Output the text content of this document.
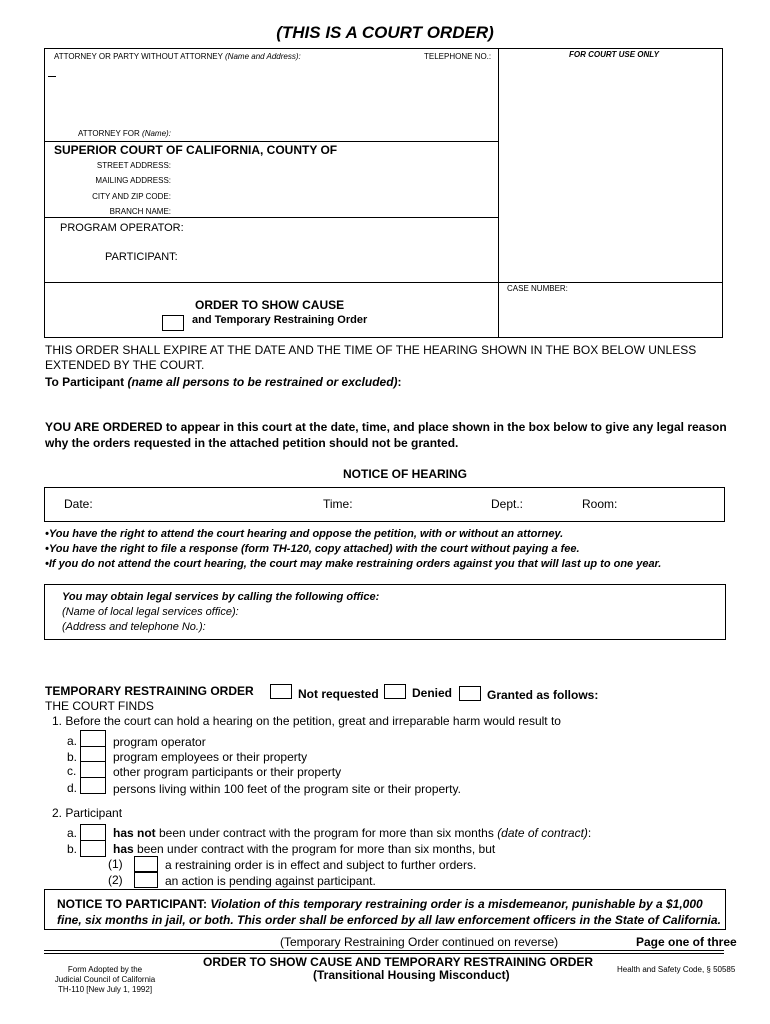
(THIS IS A COURT ORDER)
ATTORNEY OR PARTY WITHOUT ATTORNEY (Name and Address):	TELEPHONE NO.:	FOR COURT USE ONLY
ATTORNEY FOR (Name):
SUPERIOR COURT OF CALIFORNIA, COUNTY OF
STREET ADDRESS:
MAILING ADDRESS:
CITY AND ZIP CODE:
BRANCH NAME:
PROGRAM OPERATOR:
PARTICIPANT:
CASE NUMBER:
ORDER TO SHOW CAUSE
and Temporary Restraining Order
THIS ORDER SHALL EXPIRE AT THE DATE AND THE TIME OF THE HEARING SHOWN IN THE BOX BELOW UNLESS EXTENDED BY THE COURT.
To Participant (name all persons to be restrained or excluded):
YOU ARE ORDERED to appear in this court at the date, time, and place shown in the box below to give any legal reason why the orders requested in the attached petition should not be granted.
NOTICE OF HEARING
Date:	Time:	Dept.:	Room:
•You have the right to attend the court hearing and oppose the petition, with or without an attorney.
•You have the right to file a response (form TH-120, copy attached) with the court without paying a fee.
•If you do not attend the court hearing, the court may make restraining orders against you that will last up to one year.
You may obtain legal services by calling the following office:
(Name of local legal services office):
(Address and telephone No.):
TEMPORARY RESTRAINING ORDER	Not requested	Denied	Granted as follows:
THE COURT FINDS
1. Before the court can hold a hearing on the petition, great and irreparable harm would result to
a.	program operator
b.	program employees or their property
c.	other program participants or their property
d.	persons living within 100 feet of the program site or their property.
2. Participant
a.	has not been under contract with the program for more than six months (date of contract):
b.	has been under contract with the program for more than six months, but
(1)	a restraining order is in effect and subject to further orders.
(2)	an action is pending against participant.
NOTICE TO PARTICIPANT: Violation of this temporary restraining order is a misdemeanor, punishable by a $1,000 fine, six months in jail, or both. This order shall be enforced by all law enforcement officers in the State of California.
(Temporary Restraining Order continued on reverse)	Page one of three
Form Adopted by the
Judicial Council of California
TH-110 [New July 1, 1992]
ORDER TO SHOW CAUSE AND TEMPORARY RESTRAINING ORDER
(Transitional Housing Misconduct)	Health and Safety Code, § 50585
